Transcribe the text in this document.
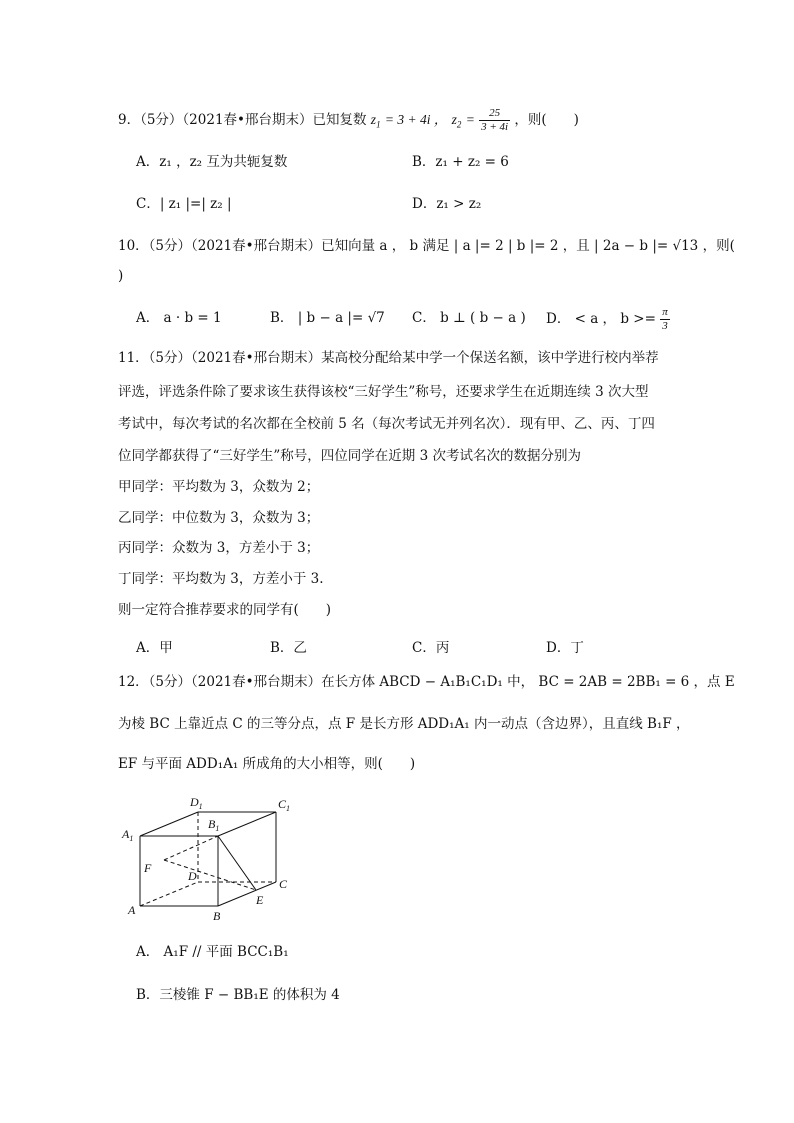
9．（5分）（2021春•邢台期末）已知复数 $z_1 = 3 + 4i$ ， $z_2 = \frac{25}{3 + 4i}$ ，则(　　)
A．z₁ ，z₂ 互为共轭复数	B．z₁ + z₂ = 6
C．| z₁ |=| z₂ |	D．z₁ > z₂
10．（5分）（2021春•邢台期末）已知向量 a ， b 满足 | a |= 2 | b |= 2 ，且 | 2a − b |= √13 ，则(
)
A． a · b = 1	B． | b − a |= √7 C． b ⊥ ( b − a ) D． < a ， $b >= \frac{\pi}{3}$
11．（5分）（2021春•邢台期末）某高校分配给某中学一个保送名额，该中学进行校内举荐
评选，评选条件除了要求该生获得该校“三好学生”称号，还要求学生在近期连续 3 次大型
考试中，每次考试的名次都在全校前 5 名（每次考试无并列名次）．现有甲、乙、丙、丁四
位同学都获得了“三好学生”称号，四位同学在近期 3 次考试名次的数据分别为
甲同学：平均数为 3，众数为 2；
乙同学：中位数为 3，众数为 3；
丙同学：众数为 3，方差小于 3；
丁同学：平均数为 3，方差小于 3.
则一定符合推荐要求的同学有(　　)
A．甲	B．乙	C．丙	D．丁
12．（5分）（2021春•邢台期末）在长方体 ABCD − A₁B₁C₁D₁ 中， BC = 2AB = 2BB₁ = 6 ，点 E
为棱 BC 上靠近点 C 的三等分点，点 F 是长方形 ADD₁A₁ 内一动点（含边界），且直线 B₁F ，
EF 与平面 ADD₁A₁ 所成角的大小相等，则(　　)
$D_1$	$C_1$
$A_1$
$B_1$
F
D
C
A	B
E
A． A₁F // 平面 BCC₁B₁
B．三棱锥 F − BB₁E 的体积为 4
